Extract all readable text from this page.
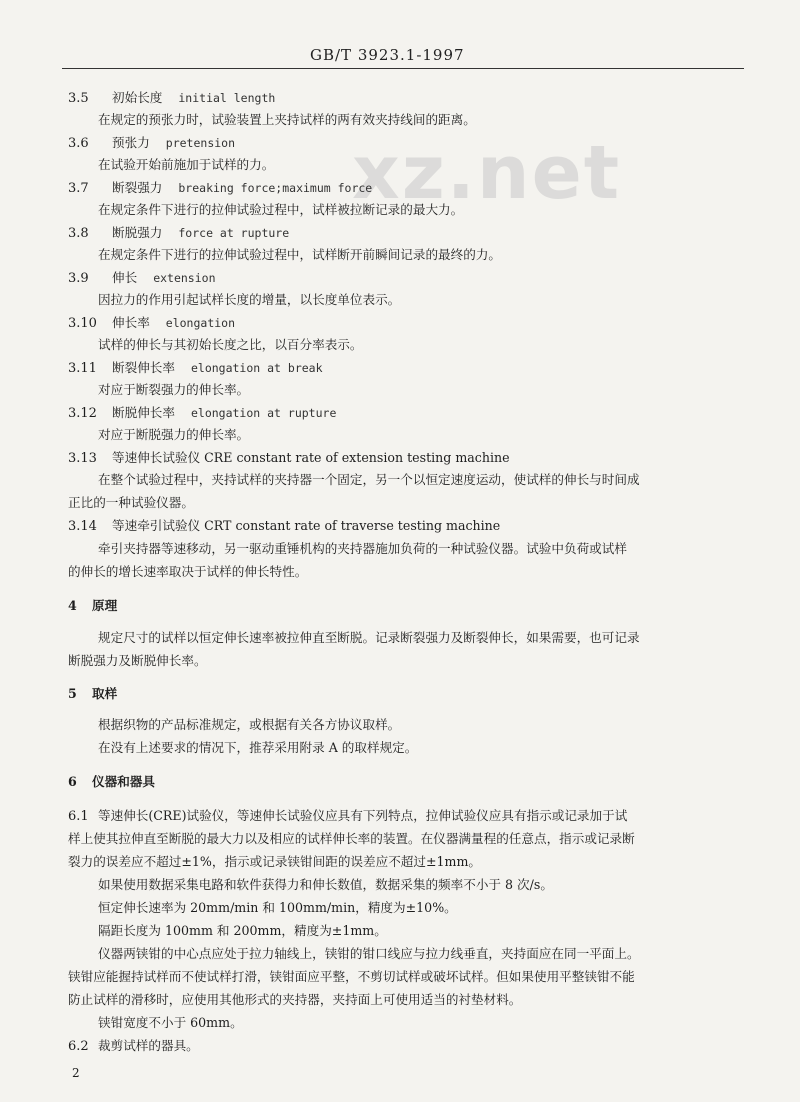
GB/T 3923.1-1997
xz.net
3.5 初始长度 initial length
在规定的预张力时，试验装置上夹持试样的两有效夹持线间的距离。
3.6 预张力 pretension
在试验开始前施加于试样的力。
3.7 断裂强力 breaking force;maximum force
在规定条件下进行的拉伸试验过程中，试样被拉断记录的最大力。
3.8 断脱强力 force at rupture
在规定条件下进行的拉伸试验过程中，试样断开前瞬间记录的最终的力。
3.9 伸长 extension
因拉力的作用引起试样长度的增量，以长度单位表示。
3.10 伸长率 elongation
试样的伸长与其初始长度之比，以百分率表示。
3.11 断裂伸长率 elongation at break
对应于断裂强力的伸长率。
3.12 断脱伸长率 elongation at rupture
对应于断脱强力的伸长率。
3.13 等速伸长试验仪 CRE constant rate of extension testing machine
在整个试验过程中，夹持试样的夹持器一个固定，另一个以恒定速度运动，使试样的伸长与时间成
正比的一种试验仪器。
3.14 等速牵引试验仪 CRT constant rate of traverse testing machine
牵引夹持器等速移动，另一驱动重锤机构的夹持器施加负荷的一种试验仪器。试验中负荷或试样
的伸长的增长速率取决于试样的伸长特性。
4 原理
规定尺寸的试样以恒定伸长速率被拉伸直至断脱。记录断裂强力及断裂伸长，如果需要，也可记录
断脱强力及断脱伸长率。
5 取样
根据织物的产品标准规定，或根据有关各方协议取样。
在没有上述要求的情况下，推荐采用附录 A 的取样规定。
6 仪器和器具
6.1 等速伸长(CRE)试验仪，等速伸长试验仪应具有下列特点，拉伸试验仪应具有指示或记录加于试
样上使其拉伸直至断脱的最大力以及相应的试样伸长率的装置。在仪器满量程的任意点，指示或记录断
裂力的误差应不超过±1%，指示或记录铗钳间距的误差应不超过±1mm。
如果使用数据采集电路和软件获得力和伸长数值，数据采集的频率不小于 8 次/s。
恒定伸长速率为 20mm/min 和 100mm/min，精度为±10%。
隔距长度为 100mm 和 200mm，精度为±1mm。
仪器两铗钳的中心点应处于拉力轴线上，铗钳的钳口线应与拉力线垂直，夹持面应在同一平面上。
铗钳应能握持试样而不使试样打滑，铗钳面应平整，不剪切试样或破坏试样。但如果使用平整铗钳不能
防止试样的滑移时，应使用其他形式的夹持器，夹持面上可使用适当的衬垫材料。
铗钳宽度不小于 60mm。
6.2 裁剪试样的器具。
2
